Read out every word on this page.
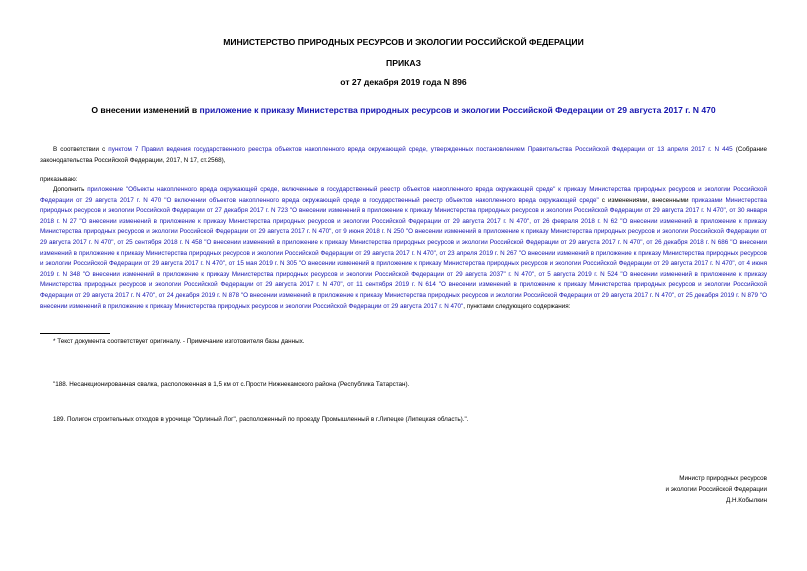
МИНИСТЕРСТВО ПРИРОДНЫХ РЕСУРСОВ И ЭКОЛОГИИ РОССИЙСКОЙ ФЕДЕРАЦИИ
ПРИКАЗ
от 27 декабря 2019 года N 896
О внесении изменений в приложение к приказу Министерства природных ресурсов и экологии Российской Федерации от 29 августа 2017 г. N 470
В соответствии с пунктом 7 Правил ведения государственного реестра объектов накопленного вреда окружающей среде, утвержденных постановлением Правительства Российской Федерации от 13 апреля 2017 г. N 445 (Собрание законодательства Российской Федерации, 2017, N 17, ст.2568),
приказываю:
Дополнить приложение "Объекты накопленного вреда окружающей среде, включенные в государственный реестр объектов накопленного вреда окружающей среде" к приказу Министерства природных ресурсов и экологии Российской Федерации от 29 августа 2017 г. N 470 "О включении объектов накопленного вреда окружающей среде в государственный реестр объектов накопленного вреда окружающей среде" с изменениями, внесенными приказами Министерства природных ресурсов и экологии Российской Федерации от 27 декабря 2017 г. N 723 "О внесении изменений в приложение к приказу Министерства природных ресурсов и экологии Российской Федерации от 29 августа 2017 г. N 470", от 30 января 2018 г. N 27 "О внесении изменений в приложение к приказу Министерства природных ресурсов и экологии Российской Федерации от 29 августа 2017 г. N 470", от 26 февраля 2018 г. N 62 "О внесении изменений в приложение к приказу Министерства природных ресурсов и экологии Российской Федерации от 29 августа 2017 г. N 470", от 9 июня 2018 г. N 250 "О внесении изменений в приложение к приказу Министерства природных ресурсов и экологии Российской Федерации от 29 августа 2017 г. N 470", от 25 сентября 2018 г. N 458 "О внесении изменений в приложение к приказу Министерства природных ресурсов и экологии Российской Федерации от 29 августа 2017 г. N 470", от 26 декабря 2018 г. N 686 "О внесении изменений в приложение к приказу Министерства природных ресурсов и экологии Российской Федерации от 29 августа 2017 г. N 470", от 23 апреля 2019 г. N 267 "О внесении изменений в приложение к приказу Министерства природных ресурсов и экологии Российской Федерации от 29 августа 2017 г. N 470", от 15 мая 2019 г. N 305 "О внесении изменений в приложение к приказу Министерства природных ресурсов и экологии Российской Федерации от 29 августа 2017 г. N 470", от 4 июня 2019 г. N 348 "О внесении изменений в приложение к приказу Министерства природных ресурсов и экологии Российской Федерации от 29 августа 2037" г. N 470", от 5 августа 2019 г. N 524 "О внесении изменений в приложение к приказу Министерства природных ресурсов и экологии Российской Федерации от 29 августа 2017 г. N 470", от 11 сентября 2019 г. N 614 "О внесении изменений в приложение к приказу Министерства природных ресурсов и экологии Российской Федерации от 29 августа 2017 г. N 470", от 24 декабря 2019 г. N 878 "О внесении изменений в приложение к приказу Министерства природных ресурсов и экологии Российской Федерации от 29 августа 2017 г. N 470", от 25 декабря 2019 г. N 879 "О внесении изменений в приложение к приказу Министерства природных ресурсов и экологии Российской Федерации от 29 августа 2017 г. N 470", пунктами следующего содержания:
* Текст документа соответствует оригиналу. - Примечание изготовителя базы данных.
"188. Несанкционированная свалка, расположенная в 1,5 км от с.Прости Нижнекамского района (Республика Татарстан).
189. Полигон строительных отходов в урочище "Орлиный Лог", расположенный по проезду Промышленный в г.Липецке (Липецкая область).".
Министр природных ресурсов
и экологии Российской Федерации
Д.Н.Кобылкин
